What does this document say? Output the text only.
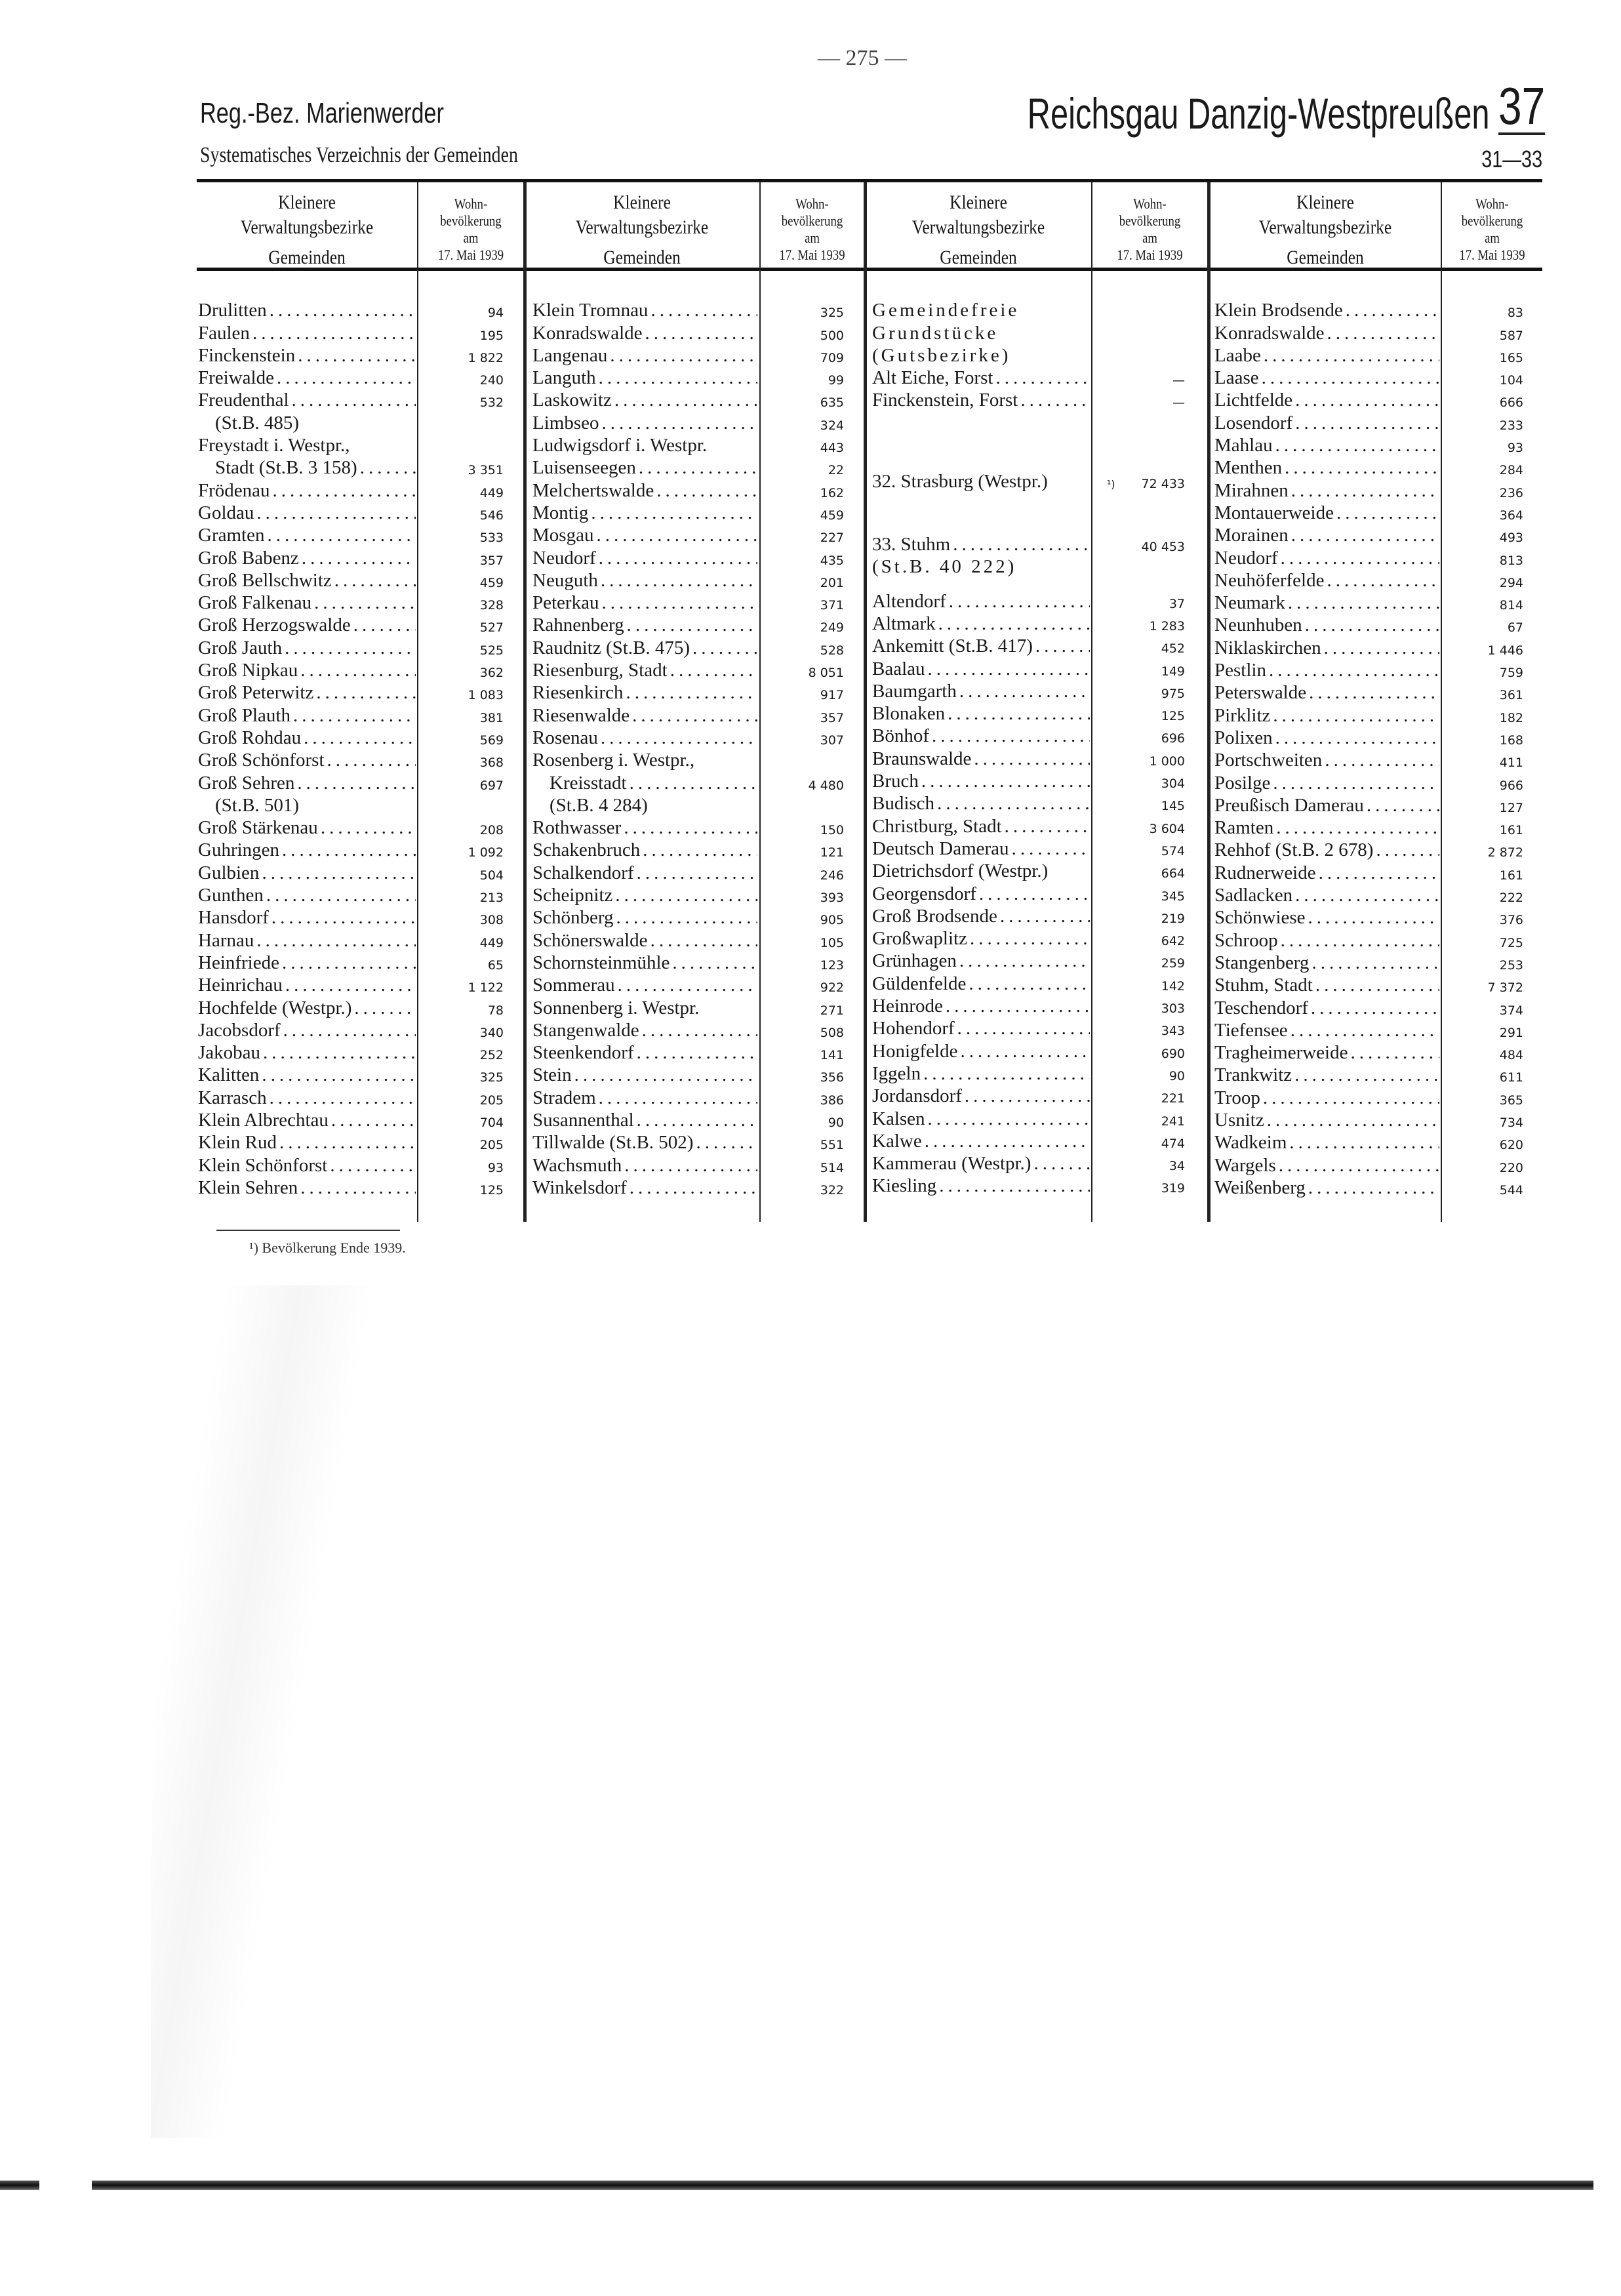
— 275 —
Reg.-Bez. Marienwerder
Systematisches Verzeichnis der Gemeinden
Reichsgau Danzig-Westpreußen 37
31—33
Kleinere
Verwaltungsbezirke
Gemeinden
Wohn-
bevölkerung
am
17. Mai 1939
Kleinere
Verwaltungsbezirke
Gemeinden
Wohn-
bevölkerung
am
17. Mai 1939
Kleinere
Verwaltungsbezirke
Gemeinden
Wohn-
bevölkerung
am
17. Mai 1939
Kleinere
Verwaltungsbezirke
Gemeinden
Wohn-
bevölkerung
am
17. Mai 1939
Drulitten .....	94
Faulen .....	195
Finckenstein .....	1 822
Freiwalde .....	240
Freudenthal .....	532
(St.B. 485)
Freystadt i. Westpr.,
Stadt (St.B. 3 158) .....	3 351
Frödenau .....	449
Goldau .....	546
Gramten .....	533
Groß Babenz .....	357
Groß Bellschwitz .....	459
Groß Falkenau .....	328
Groß Herzogswalde .....	527
Groß Jauth .....	525
Groß Nipkau .....	362
Groß Peterwitz .....	1 083
Groß Plauth .....	381
Groß Rohdau .....	569
Groß Schönforst .....	368
Groß Sehren .....	697
(St.B. 501)
Groß Stärkenau .....	208
Guhringen .....	1 092
Gulbien .....	504
Gunthen .....	213
Hansdorf .....	308
Harnau .....	449
Heinfriede .....	65
Heinrichau .....	1 122
Hochfelde (Westpr.) .....	78
Jacobsdorf .....	340
Jakobau .....	252
Kalitten .....	325
Karrasch .....	205
Klein Albrechtau .....	704
Klein Rud .....	205
Klein Schönforst .....	93
Klein Sehren .....	125
Klein Tromnau .....	325
Konradswalde .....	500
Langenau .....	709
Languth .....	99
Laskowitz .....	635
Limbseo .....	324
Ludwigsdorf i. Westpr.	443
Luisenseegen .....	22
Melchertswalde .....	162
Montig .....	459
Mosgau .....	227
Neudorf .....	435
Neuguth .....	201
Peterkau .....	371
Rahnenberg .....	249
Raudnitz (St.B. 475) .....	528
Riesenburg, Stadt .....	8 051
Riesenkirch .....	917
Riesenwalde .....	357
Rosenau .....	307
Rosenberg i. Westpr.,
Kreisstadt .....	4 480
(St.B. 4 284)
Rothwasser .....	150
Schakenbruch .....	121
Schalkendorf .....	246
Scheipnitz .....	393
Schönberg .....	905
Schönerswalde .....	105
Schornsteinmühle .....	123
Sommerau .....	922
Sonnenberg i. Westpr.	271
Stangenwalde .....	508
Steenkendorf .....	141
Stein .....	356
Stradem .....	386
Susannenthal .....	90
Tillwalde (St.B. 502) .....	551
Wachsmuth .....	514
Winkelsdorf .....	322
Gemeindefreie
Grundstücke
(Gutsbezirke)
Alt Eiche, Forst .....	—
Finckenstein, Forst .....	—
32. Strasburg (Westpr.)	¹) 72 433
33. Stuhm .....	40 453
(St.B. 40 222)
Altendorf .....	37
Altmark .....	1 283
Ankemitt (St.B. 417) .....	452
Baalau .....	149
Baumgarth .....	975
Blonaken .....	125
Bönhof .....	696
Braunswalde .....	1 000
Bruch .....	304
Budisch .....	145
Christburg, Stadt .....	3 604
Deutsch Damerau .....	574
Dietrichsdorf (Westpr.)	664
Georgensdorf .....	345
Groß Brodsende .....	219
Großwaplitz .....	642
Grünhagen .....	259
Güldenfelde .....	142
Heinrode .....	303
Hohendorf .....	343
Honigfelde .....	690
Iggeln .....	90
Jordansdorf .....	221
Kalsen .....	241
Kalwe .....	474
Kammerau (Westpr.) .....	34
Kiesling .....	319
Klein Brodsende .....	83
Konradswalde .....	587
Laabe .....	165
Laase .....	104
Lichtfelde .....	666
Losendorf .....	233
Mahlau .....	93
Menthen .....	284
Mirahnen .....	236
Montauerweide .....	364
Morainen .....	493
Neudorf .....	813
Neuhöferfelde .....	294
Neumark .....	814
Neunhuben .....	67
Niklaskirchen .....	1 446
Pestlin .....	759
Peterswalde .....	361
Pirklitz .....	182
Polixen .....	168
Portschweiten .....	411
Posilge .....	966
Preußisch Damerau .....	127
Ramten .....	161
Rehhof (St.B. 2 678) .....	2 872
Rudnerweide .....	161
Sadlacken .....	222
Schönwiese .....	376
Schroop .....	725
Stangenberg .....	253
Stuhm, Stadt .....	7 372
Teschendorf .....	374
Tiefensee .....	291
Tragheimerweide .....	484
Trankwitz .....	611
Troop .....	365
Usnitz .....	734
Wadkeim .....	620
Wargels .....	220
Weißenberg .....	544
¹) Bevölkerung Ende 1939.
